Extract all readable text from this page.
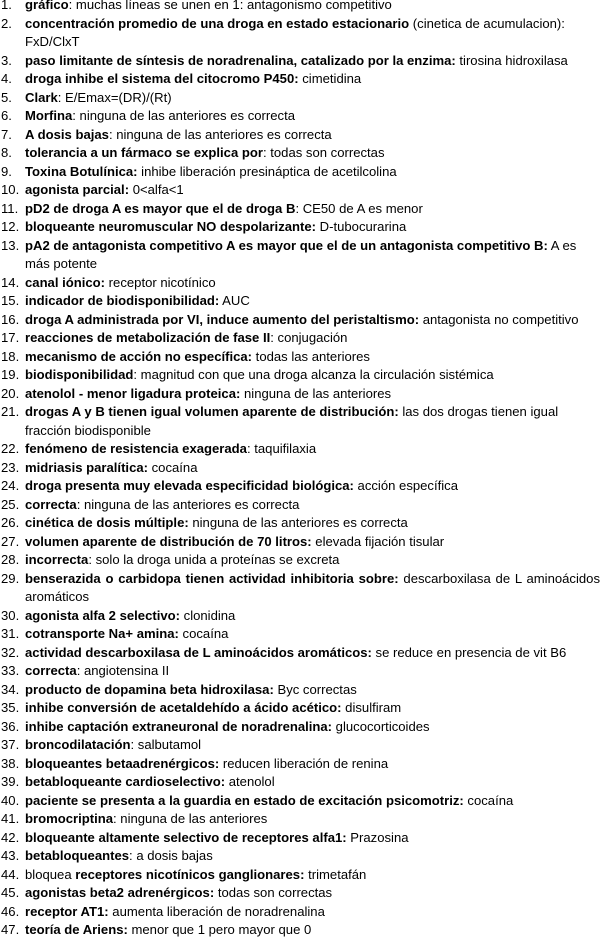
1. gráfico: muchas líneas se unen en 1: antagonismo competitivo
2. concentración promedio de una droga en estado estacionario (cinetica de acumulacion): FxD/ClxT
3. paso limitante de síntesis de noradrenalina, catalizado por la enzima: tirosina hidroxilasa
4. droga inhibe el sistema del citocromo P450: cimetidina
5. Clark: E/Emax=(DR)/(Rt)
6. Morfina: ninguna de las anteriores es correcta
7. A dosis bajas: ninguna de las anteriores es correcta
8. tolerancia a un fármaco se explica por: todas son correctas
9. Toxina Botulínica: inhibe liberación presináptica de acetilcolina
10. agonista parcial: 0<alfa<1
11. pD2 de droga A es mayor que el de droga B: CE50 de A es menor
12. bloqueante neuromuscular NO despolarizante: D-tubocurarina
13. pA2 de antagonista competitivo A es mayor que el de un antagonista competitivo B: A es más potente
14. canal iónico: receptor nicotínico
15. indicador de biodisponibilidad: AUC
16. droga A administrada por VI, induce aumento del peristaltismo: antagonista no competitivo
17. reacciones de metabolización de fase II: conjugación
18. mecanismo de acción no específica: todas las anteriores
19. biodisponibilidad: magnitud con que una droga alcanza la circulación sistémica
20. atenolol - menor ligadura proteica: ninguna de las anteriores
21. drogas A y B tienen igual volumen aparente de distribución: las dos drogas tienen igual fracción biodisponible
22. fenómeno de resistencia exagerada: taquifilaxia
23. midriasis paralítica: cocaína
24. droga presenta muy elevada especificidad biológica: acción específica
25. correcta: ninguna de las anteriores es correcta
26. cinética de dosis múltiple: ninguna de las anteriores es correcta
27. volumen aparente de distribución de 70 litros: elevada fijación tisular
28. incorrecta: solo la droga unida a proteínas se excreta
29. benserazida o carbidopa tienen actividad inhibitoria sobre: descarboxilasa de L aminoácidos aromáticos
30. agonista alfa 2 selectivo: clonidina
31. cotransporte Na+ amina: cocaína
32. actividad descarboxilasa de L aminoácidos aromáticos: se reduce en presencia de vit B6
33. correcta: angiotensina II
34. producto de dopamina beta hidroxilasa: Byc correctas
35. inhibe conversión de acetaldehído a ácido acético: disulfiram
36. inhibe captación extraneuronal de noradrenalina: glucocorticoides
37. broncodilatación: salbutamol
38. bloqueantes betaadrenérgicos: reducen liberación de renina
39. betabloqueante cardioselectivo: atenolol
40. paciente se presenta a la guardia en estado de excitación psicomotriz: cocaína
41. bromocriptina: ninguna de las anteriores
42. bloqueante altamente selectivo de receptores alfa1: Prazosina
43. betabloqueantes: a dosis bajas
44. bloquea receptores nicotínicos ganglionares: trimetafán
45. agonistas beta2 adrenérgicos: todas son correctas
46. receptor AT1: aumenta liberación de noradrenalina
47. teoría de Ariens: menor que 1 pero mayor que 0
